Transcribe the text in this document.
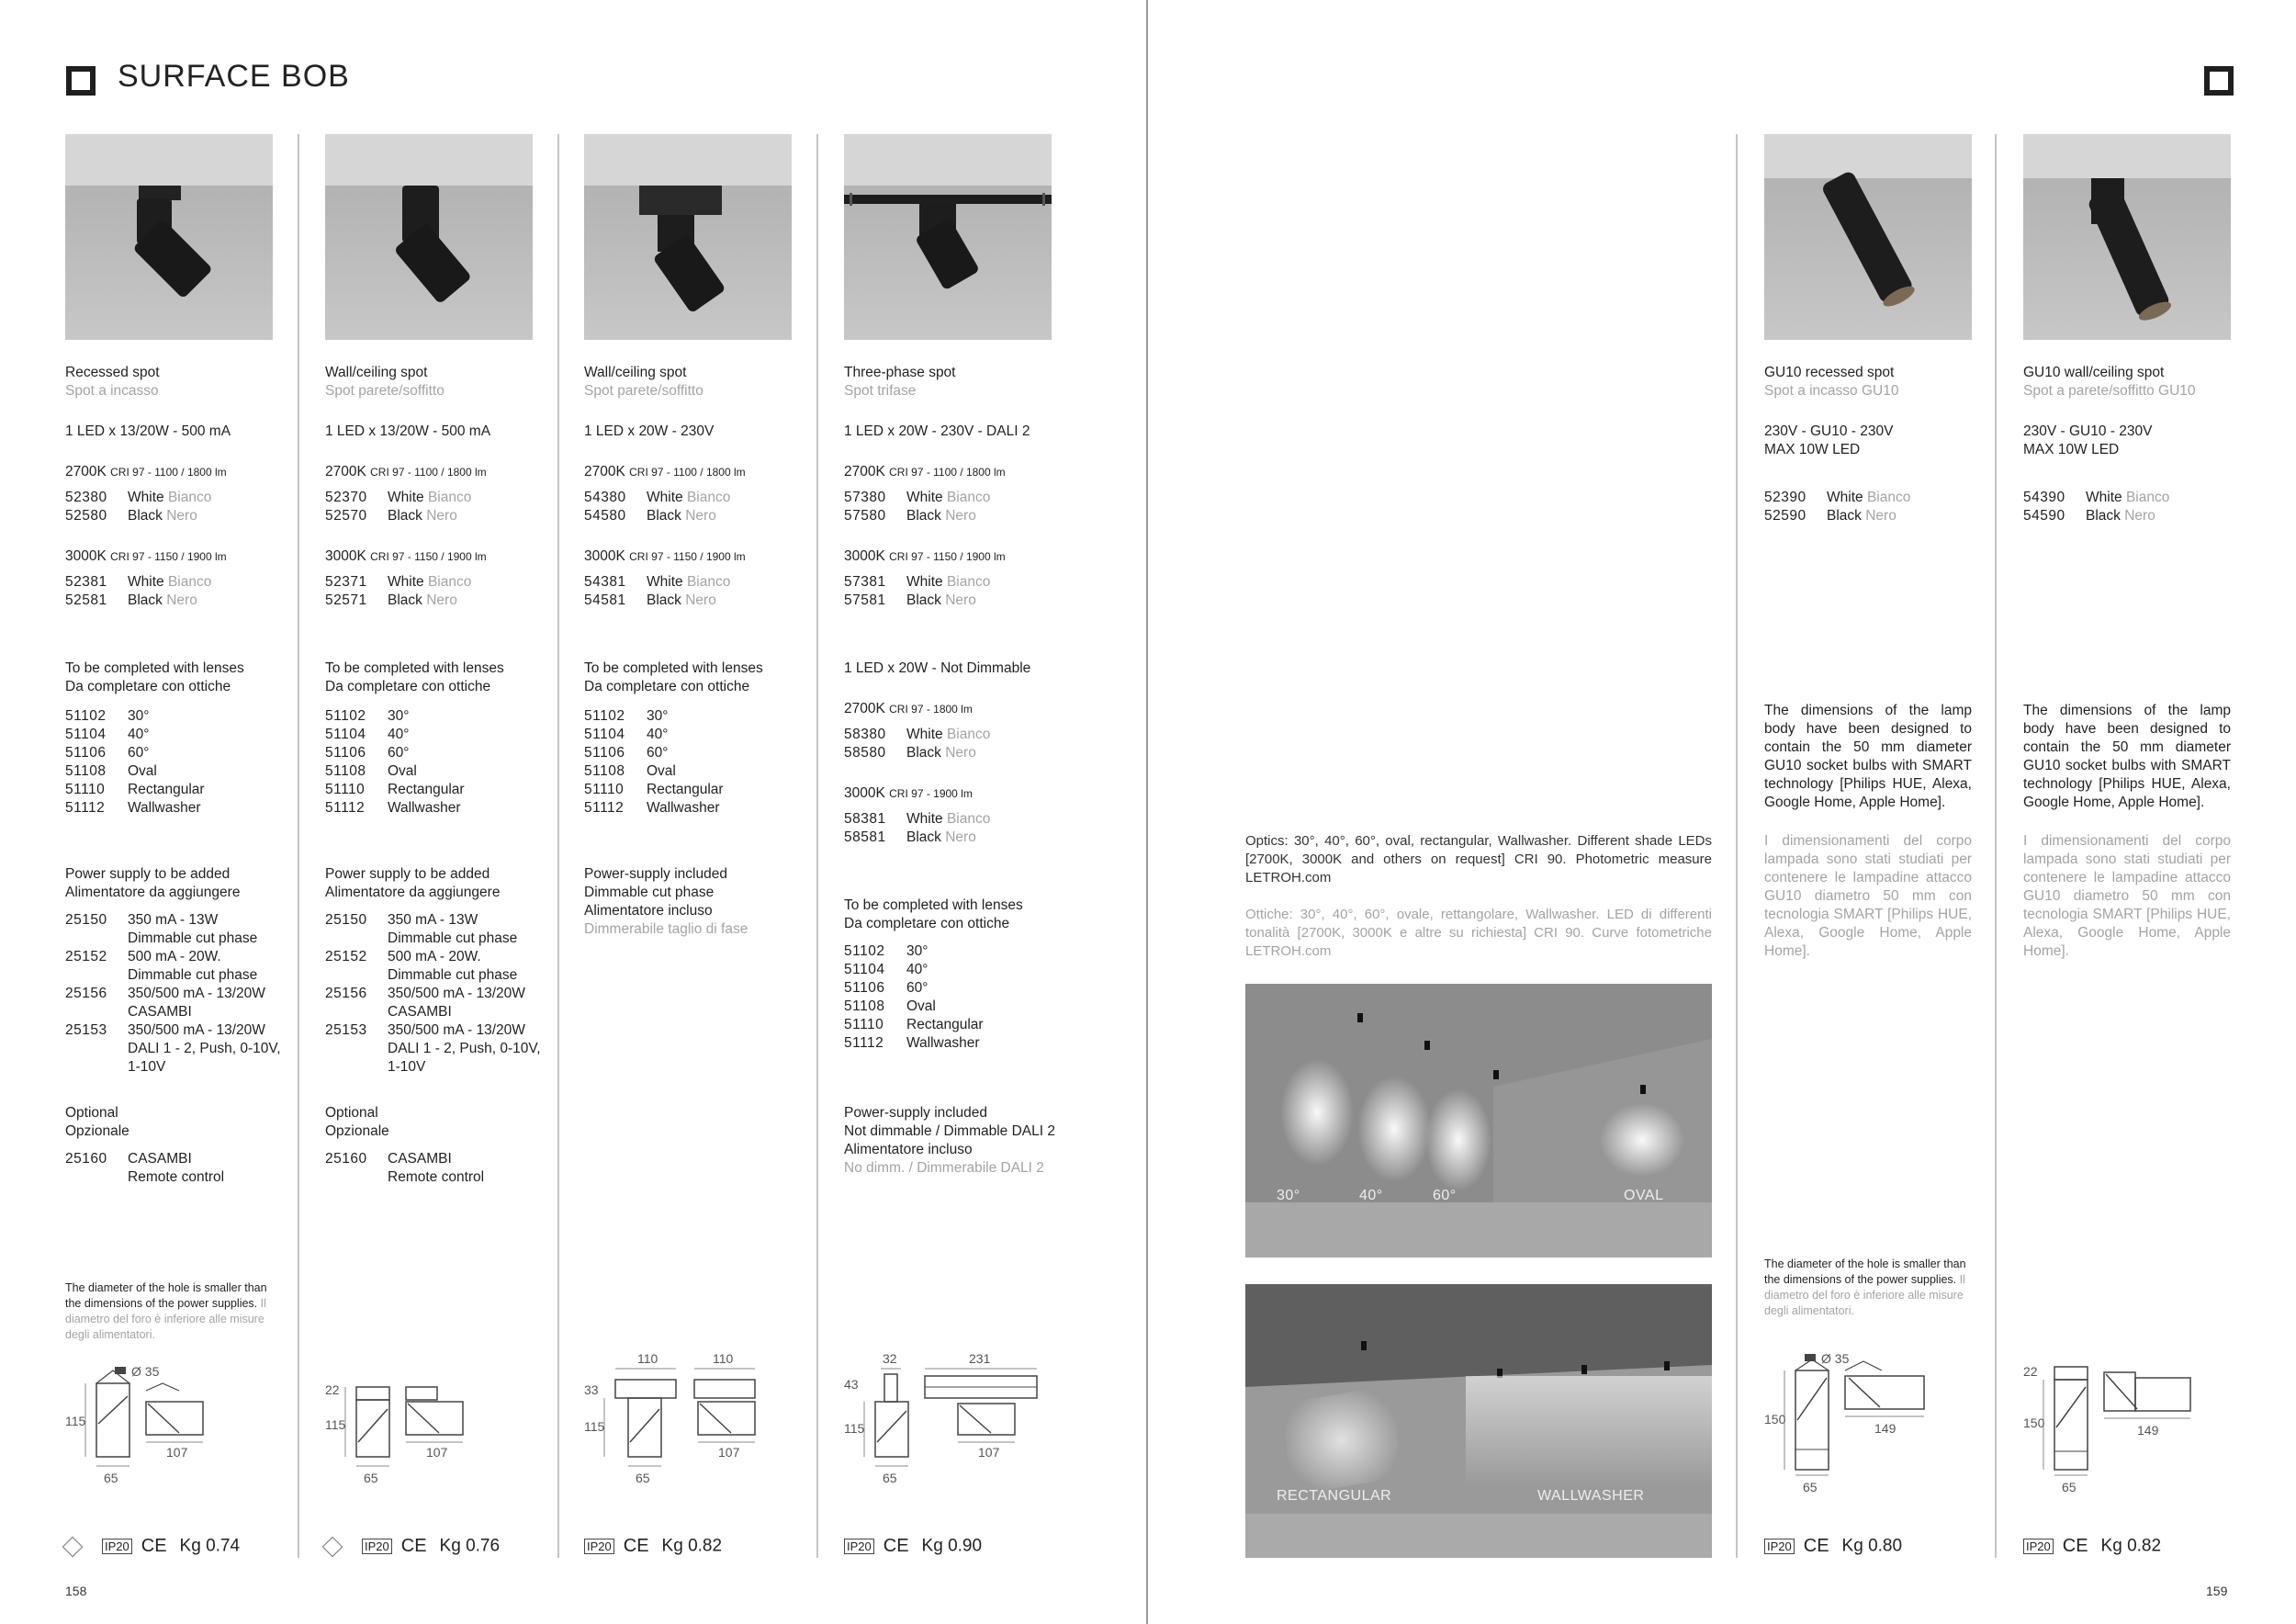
SURFACE BOB
Recessed spot
Spot a incasso
1 LED x 13/20W - 500 mA
2700K CRI 97 - 1100 / 1800 lm
52380 White Bianco
52580 Black Nero
3000K CRI 97 - 1150 / 1900 lm
52381 White Bianco
52581 Black Nero
To be completed with lenses
Da completare con ottiche
51102 30°
51104 40°
51106 60°
51108 Oval
51110 Rectangular
51112 Wallwasher
Power supply to be added
Alimentatore da aggiungere
25150 350 mA - 13W
Dimmable cut phase
25152 500 mA - 20W.
Dimmable cut phase
25156 350/500 mA - 13/20W
CASAMBI
25153 350/500 mA - 13/20W
DALI 1 - 2, Push, 0-10V,
1-10V
Optional
Opzionale
25160 CASAMBI
Remote control
The diameter of the hole is smaller than the dimensions of the power supplies. Il diametro del foro è inferiore alle misure degli alimentatori.
Ø 35
115
107
65
IP20 CE Kg 0.74
Wall/ceiling spot
Spot parete/soffitto
1 LED x 13/20W - 500 mA
2700K CRI 97 - 1100 / 1800 lm
52370 White Bianco
52570 Black Nero
3000K CRI 97 - 1150 / 1900 lm
52371 White Bianco
52571 Black Nero
To be completed with lenses
Da completare con ottiche
51102 30°
51104 40°
51106 60°
51108 Oval
51110 Rectangular
51112 Wallwasher
Power supply to be added
Alimentatore da aggiungere
25150 350 mA - 13W
Dimmable cut phase
25152 500 mA - 20W.
Dimmable cut phase
25156 350/500 mA - 13/20W
CASAMBI
25153 350/500 mA - 13/20W
DALI 1 - 2, Push, 0-10V,
1-10V
Optional
Opzionale
25160 CASAMBI
Remote control
22
115
107
65
IP20 CE Kg 0.76
Wall/ceiling spot
Spot parete/soffitto
1 LED x 20W - 230V
2700K CRI 97 - 1100 / 1800 lm
54380 White Bianco
54580 Black Nero
3000K CRI 97 - 1150 / 1900 lm
54381 White Bianco
54581 Black Nero
To be completed with lenses
Da completare con ottiche
51102 30°
51104 40°
51106 60°
51108 Oval
51110 Rectangular
51112 Wallwasher
Power-supply included
Dimmable cut phase
Alimentatore incluso
Dimmerabile taglio di fase
110	110
33
115
107
65
IP20 CE Kg 0.82
Three-phase spot
Spot trifase
1 LED x 20W - 230V - DALI 2
2700K CRI 97 - 1100 / 1800 lm
57380 White Bianco
57580 Black Nero
3000K CRI 97 - 1150 / 1900 lm
57381 White Bianco
57581 Black Nero
1 LED x 20W - Not Dimmable
2700K CRI 97 - 1800 lm
58380 White Bianco
58580 Black Nero
3000K CRI 97 - 1900 lm
58381 White Bianco
58581 Black Nero
To be completed with lenses
Da completare con ottiche
51102 30°
51104 40°
51106 60°
51108 Oval
51110 Rectangular
51112 Wallwasher
Power-supply included
Not dimmable / Dimmable DALI 2
Alimentatore incluso
No dimm. / Dimmerabile DALI 2
32	231
43
115
107
65
IP20 CE Kg 0.90
Optics: 30°, 40°, 60°, oval, rectangular, Wallwasher. Different shade LEDs [2700K, 3000K and others on request] CRI 90. Photometric measure LETROH.com
Ottiche: 30°, 40°, 60°, ovale, rettangolare, Wallwasher. LED di differenti tonalità [2700K, 3000K e altre su richiesta] CRI 90. Curve fotometriche LETROH.com
30°	40°	60°	OVAL
RECTANGULAR	WALLWASHER
GU10 recessed spot
Spot a incasso GU10
230V - GU10 - 230V
MAX 10W LED
52390 White Bianco
52590 Black Nero
The dimensions of the lamp body have been designed to contain the 50 mm diameter GU10 socket bulbs with SMART technology [Philips HUE, Alexa, Google Home, Apple Home].
I dimensionamenti del corpo lampada sono stati studiati per contenere le lampadine attacco GU10 diametro 50 mm con tecnologia SMART [Philips HUE, Alexa, Google Home, Apple Home].
The diameter of the hole is smaller than the dimensions of the power supplies. Il diametro del foro è inferiore alle misure degli alimentatori.
Ø 35
150
149
65
IP20 CE Kg 0.80
GU10 wall/ceiling spot
Spot a parete/soffitto GU10
230V - GU10 - 230V
MAX 10W LED
54390 White Bianco
54590 Black Nero
The dimensions of the lamp body have been designed to contain the 50 mm diameter GU10 socket bulbs with SMART technology [Philips HUE, Alexa, Google Home, Apple Home].
I dimensionamenti del corpo lampada sono stati studiati per contenere le lampadine attacco GU10 diametro 50 mm con tecnologia SMART [Philips HUE, Alexa, Google Home, Apple Home].
22
150	149
65
IP20 CE Kg 0.82
158	159
